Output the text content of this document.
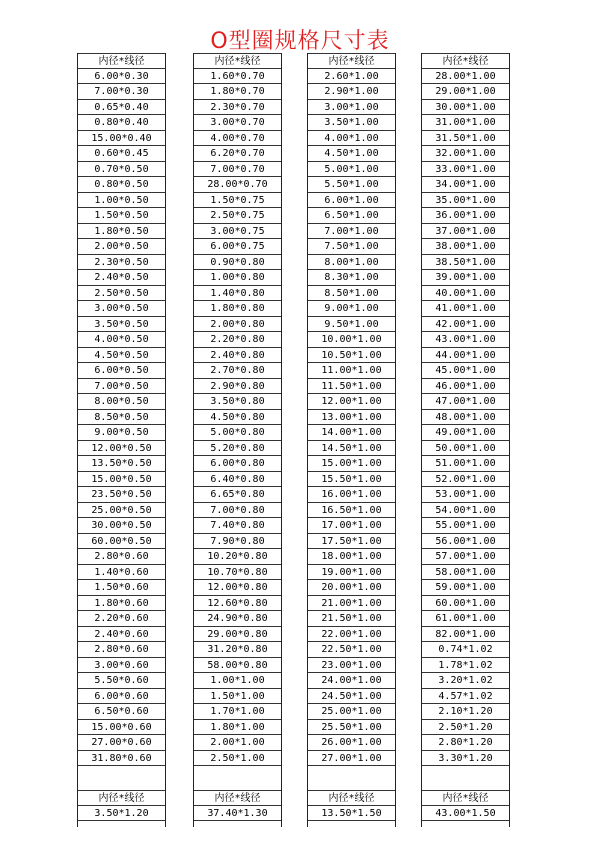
O型圈规格尺寸表
内径*线径
6.00*0.30
7.00*0.30
0.65*0.40
0.80*0.40
15.00*0.40
0.60*0.45
0.70*0.50
0.80*0.50
1.00*0.50
1.50*0.50
1.80*0.50
2.00*0.50
2.30*0.50
2.40*0.50
2.50*0.50
3.00*0.50
3.50*0.50
4.00*0.50
4.50*0.50
6.00*0.50
7.00*0.50
8.00*0.50
8.50*0.50
9.00*0.50
12.00*0.50
13.50*0.50
15.00*0.50
23.50*0.50
25.00*0.50
30.00*0.50
60.00*0.50
2.80*0.60
1.40*0.60
1.50*0.60
1.80*0.60
2.20*0.60
2.40*0.60
2.80*0.60
3.00*0.60
5.50*0.60
6.00*0.60
6.50*0.60
15.00*0.60
27.00*0.60
31.80*0.60
内径*线径
3.50*1.20
内径*线径
1.60*0.70
1.80*0.70
2.30*0.70
3.00*0.70
4.00*0.70
6.20*0.70
7.00*0.70
28.00*0.70
1.50*0.75
2.50*0.75
3.00*0.75
6.00*0.75
0.90*0.80
1.00*0.80
1.40*0.80
1.80*0.80
2.00*0.80
2.20*0.80
2.40*0.80
2.70*0.80
2.90*0.80
3.50*0.80
4.50*0.80
5.00*0.80
5.20*0.80
6.00*0.80
6.40*0.80
6.65*0.80
7.00*0.80
7.40*0.80
7.90*0.80
10.20*0.80
10.70*0.80
12.00*0.80
12.60*0.80
24.90*0.80
29.00*0.80
31.20*0.80
58.00*0.80
1.00*1.00
1.50*1.00
1.70*1.00
1.80*1.00
2.00*1.00
2.50*1.00
内径*线径
37.40*1.30
内径*线径
2.60*1.00
2.90*1.00
3.00*1.00
3.50*1.00
4.00*1.00
4.50*1.00
5.00*1.00
5.50*1.00
6.00*1.00
6.50*1.00
7.00*1.00
7.50*1.00
8.00*1.00
8.30*1.00
8.50*1.00
9.00*1.00
9.50*1.00
10.00*1.00
10.50*1.00
11.00*1.00
11.50*1.00
12.00*1.00
13.00*1.00
14.00*1.00
14.50*1.00
15.00*1.00
15.50*1.00
16.00*1.00
16.50*1.00
17.00*1.00
17.50*1.00
18.00*1.00
19.00*1.00
20.00*1.00
21.00*1.00
21.50*1.00
22.00*1.00
22.50*1.00
23.00*1.00
24.00*1.00
24.50*1.00
25.00*1.00
25.50*1.00
26.00*1.00
27.00*1.00
内径*线径
13.50*1.50
内径*线径
28.00*1.00
29.00*1.00
30.00*1.00
31.00*1.00
31.50*1.00
32.00*1.00
33.00*1.00
34.00*1.00
35.00*1.00
36.00*1.00
37.00*1.00
38.00*1.00
38.50*1.00
39.00*1.00
40.00*1.00
41.00*1.00
42.00*1.00
43.00*1.00
44.00*1.00
45.00*1.00
46.00*1.00
47.00*1.00
48.00*1.00
49.00*1.00
50.00*1.00
51.00*1.00
52.00*1.00
53.00*1.00
54.00*1.00
55.00*1.00
56.00*1.00
57.00*1.00
58.00*1.00
59.00*1.00
60.00*1.00
61.00*1.00
82.00*1.00
0.74*1.02
1.78*1.02
3.20*1.02
4.57*1.02
2.10*1.20
2.50*1.20
2.80*1.20
3.30*1.20
内径*线径
43.00*1.50
